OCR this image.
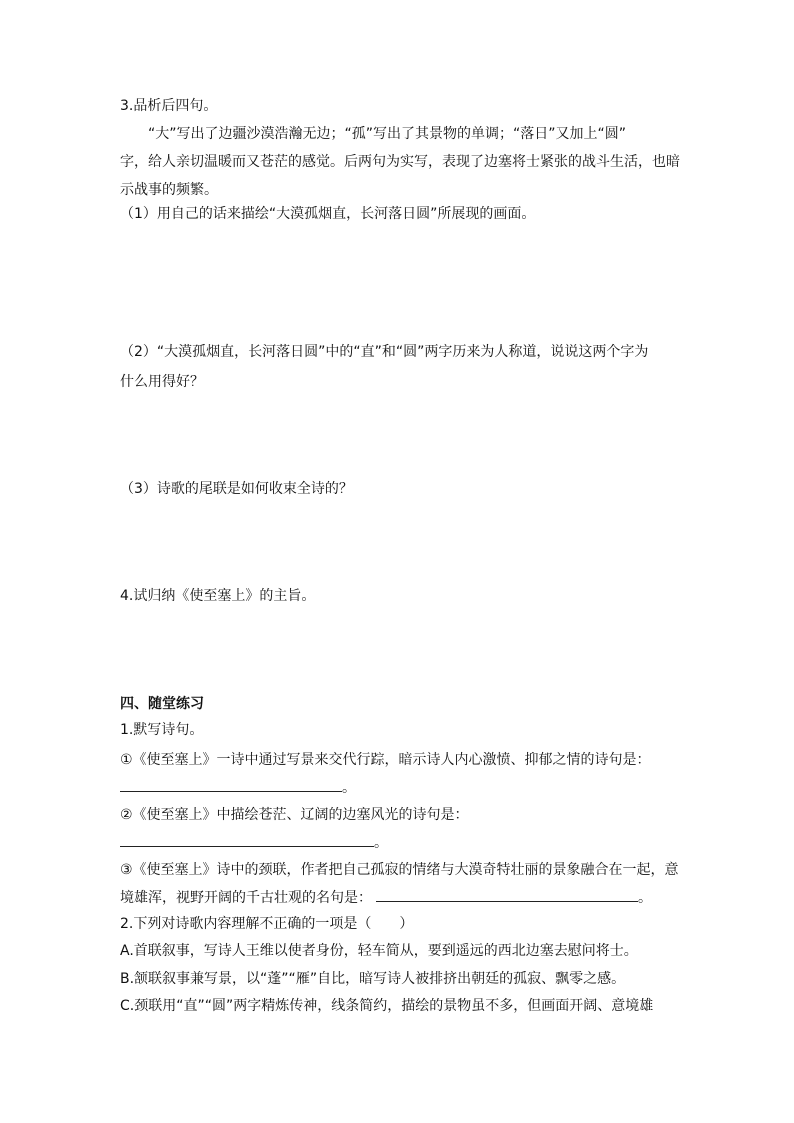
3.品析后四句。
“大”写出了边疆沙漠浩瀚无边；“孤”写出了其景物的单调；“落日”又加上“圆”
字，给人亲切温暖而又苍茫的感觉。后两句为实写，表现了边塞将士紧张的战斗生活，也暗
示战事的频繁。
（1）用自己的话来描绘“大漠孤烟直，长河落日圆”所展现的画面。
（2）“大漠孤烟直，长河落日圆”中的“直”和“圆”两字历来为人称道，说说这两个字为
什么用得好？
（3）诗歌的尾联是如何收束全诗的？
4.试归纳《使至塞上》的主旨。
四、随堂练习
1.默写诗句。
①《使至塞上》一诗中通过写景来交代行踪，暗示诗人内心激愤、抑郁之情的诗句是：
。
②《使至塞上》中描绘苍茫、辽阔的边塞风光的诗句是：
。
③《使至塞上》诗中的颈联，作者把自己孤寂的情绪与大漠奇特壮丽的景象融合在一起，意
境雄浑，视野开阔的千古壮观的名句是：	。
2.下列对诗歌内容理解不正确的一项是（　　）
A.首联叙事，写诗人王维以使者身份，轻车简从，要到遥远的西北边塞去慰问将士。
B.颔联叙事兼写景，以“蓬”“雁”自比，暗写诗人被排挤出朝廷的孤寂、飘零之感。
C.颈联用“直”“圆”两字精炼传神，线条简约，描绘的景物虽不多，但画面开阔、意境雄
